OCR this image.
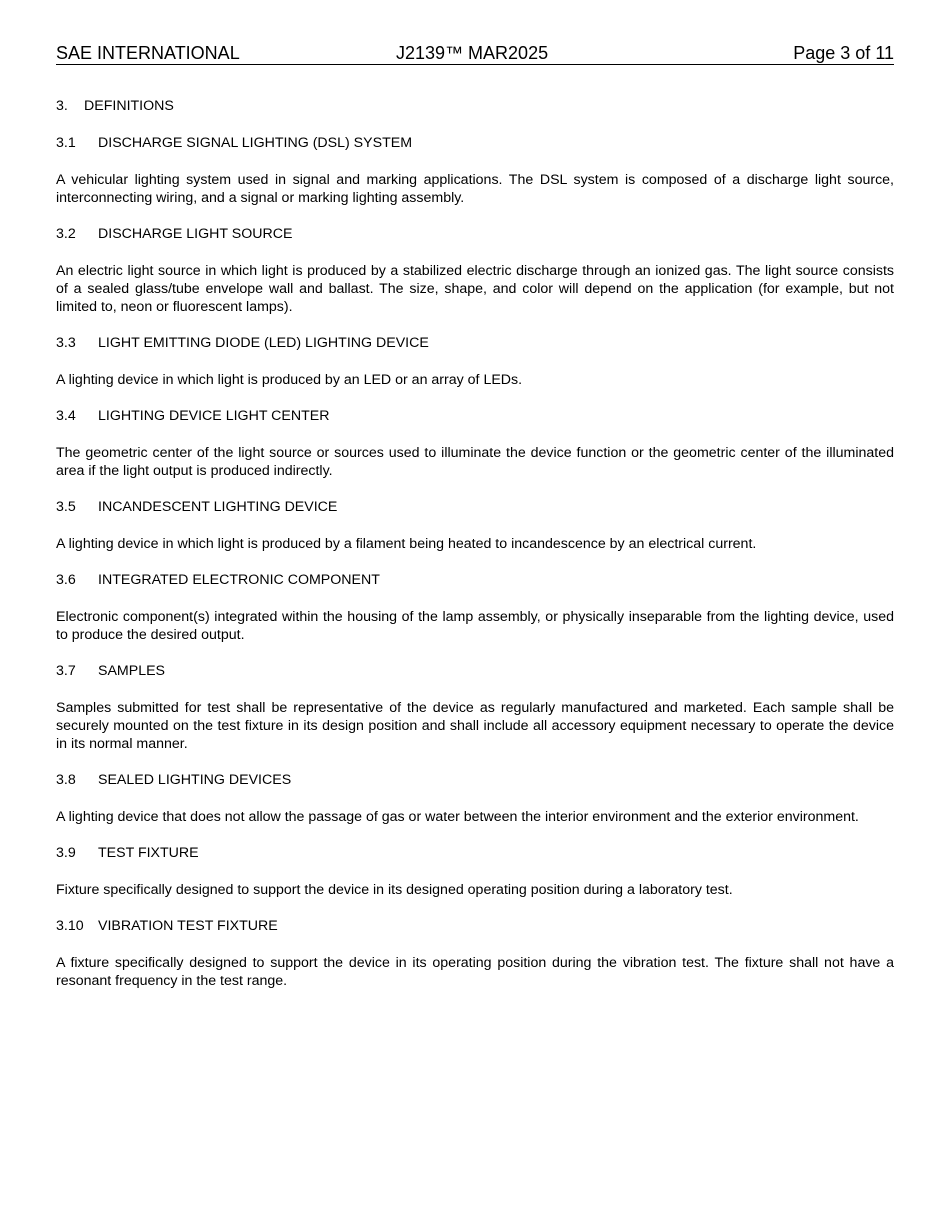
SAE INTERNATIONAL	J2139™ MAR2025	Page 3 of 11
3. DEFINITIONS
3.1 DISCHARGE SIGNAL LIGHTING (DSL) SYSTEM

A vehicular lighting system used in signal and marking applications. The DSL system is composed of a discharge light source, interconnecting wiring, and a signal or marking lighting assembly.

3.2 DISCHARGE LIGHT SOURCE

An electric light source in which light is produced by a stabilized electric discharge through an ionized gas. The light source consists of a sealed glass/tube envelope wall and ballast. The size, shape, and color will depend on the application (for example, but not limited to, neon or fluorescent lamps).

3.3 LIGHT EMITTING DIODE (LED) LIGHTING DEVICE

A lighting device in which light is produced by an LED or an array of LEDs.

3.4 LIGHTING DEVICE LIGHT CENTER

The geometric center of the light source or sources used to illuminate the device function or the geometric center of the illuminated area if the light output is produced indirectly.

3.5 INCANDESCENT LIGHTING DEVICE

A lighting device in which light is produced by a filament being heated to incandescence by an electrical current.

3.6 INTEGRATED ELECTRONIC COMPONENT

Electronic component(s) integrated within the housing of the lamp assembly, or physically inseparable from the lighting device, used to produce the desired output.

3.7 SAMPLES

Samples submitted for test shall be representative of the device as regularly manufactured and marketed. Each sample shall be securely mounted on the test fixture in its design position and shall include all accessory equipment necessary to operate the device in its normal manner.

3.8 SEALED LIGHTING DEVICES

A lighting device that does not allow the passage of gas or water between the interior environment and the exterior environment.

3.9 TEST FIXTURE

Fixture specifically designed to support the device in its designed operating position during a laboratory test.

3.10 VIBRATION TEST FIXTURE

A fixture specifically designed to support the device in its operating position during the vibration test. The fixture shall not have a resonant frequency in the test range.
